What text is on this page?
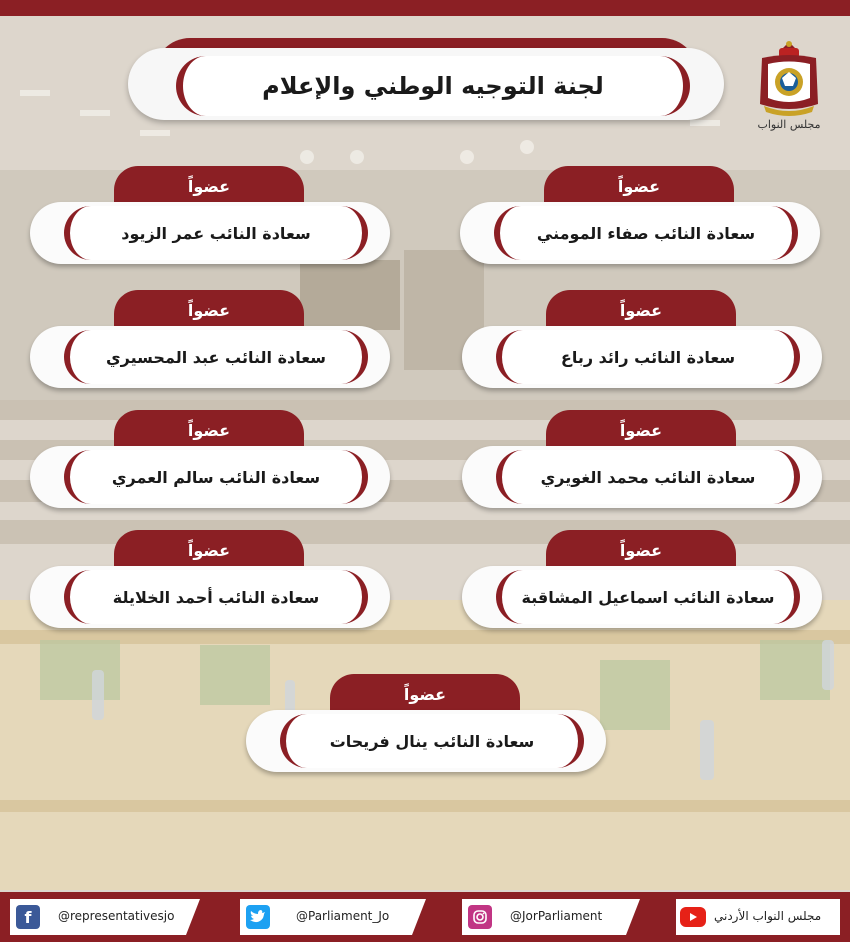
مجلس النواب
لجنة التوجيه الوطني والإعلام
عضواً
سعادة النائب صفاء المومني
عضواً
سعادة النائب عمر الزيود
عضواً
سعادة النائب رائد رباع
عضواً
سعادة النائب عبد المحسيري
عضواً
سعادة النائب محمد الغويري
عضواً
سعادة النائب سالم العمري
عضواً
سعادة النائب اسماعيل المشاقبة
عضواً
سعادة النائب أحمد الخلايلة
عضواً
سعادة النائب ينال فريحات
f	@representativesjo	@Parliament_Jo	@JorParliament	مجلس النواب الأردني
